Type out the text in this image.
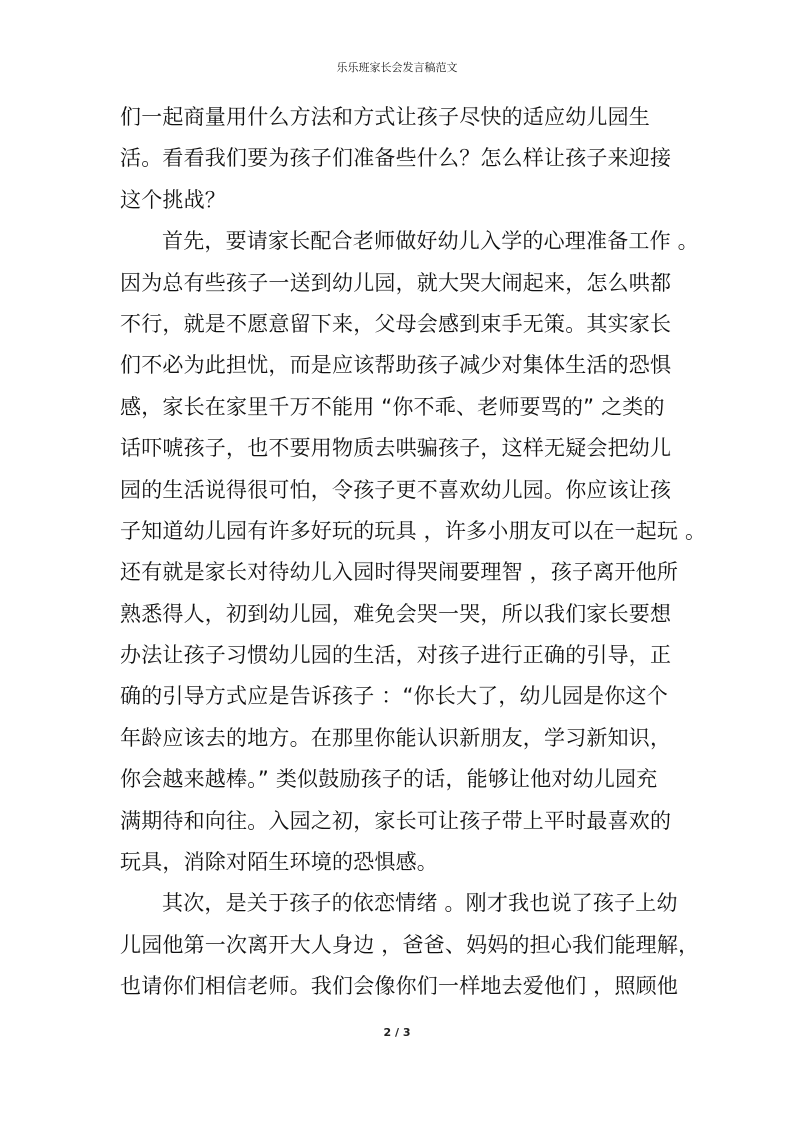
乐乐班家长会发言稿范文
们一起商量用什么方法和方式让孩子尽快的适应幼儿园生
活。看看我们要为孩子们准备些什么？怎么样让孩子来迎接
这个挑战？
首先，要请家长配合老师做好幼儿入学的心理准备工作 。
因为总有些孩子一送到幼儿园，就大哭大闹起来，怎么哄都
不行，就是不愿意留下来，父母会感到束手无策。其实家长
们不必为此担忧，而是应该帮助孩子减少对集体生活的恐惧
感，家长在家里千万不能用 “你不乖、老师要骂的” 之类的
话吓唬孩子，也不要用物质去哄骗孩子，这样无疑会把幼儿
园的生活说得很可怕，令孩子更不喜欢幼儿园。你应该让孩
子知道幼儿园有许多好玩的玩具 ，许多小朋友可以在一起玩 。
还有就是家长对待幼儿入园时得哭闹要理智 ，孩子离开他所
熟悉得人，初到幼儿园，难免会哭一哭，所以我们家长要想
办法让孩子习惯幼儿园的生活，对孩子进行正确的引导，正
确的引导方式应是告诉孩子 ：“你长大了，幼儿园是你这个
年龄应该去的地方。在那里你能认识新朋友，学习新知识，
你会越来越棒。” 类似鼓励孩子的话，能够让他对幼儿园充
满期待和向往。入园之初，家长可让孩子带上平时最喜欢的
玩具，消除对陌生环境的恐惧感。
其次，是关于孩子的依恋情绪 。刚才我也说了孩子上幼
儿园他第一次离开大人身边 ，爸爸、妈妈的担心我们能理解，
也请你们相信老师。我们会像你们一样地去爱他们 ，照顾他
2 / 3
